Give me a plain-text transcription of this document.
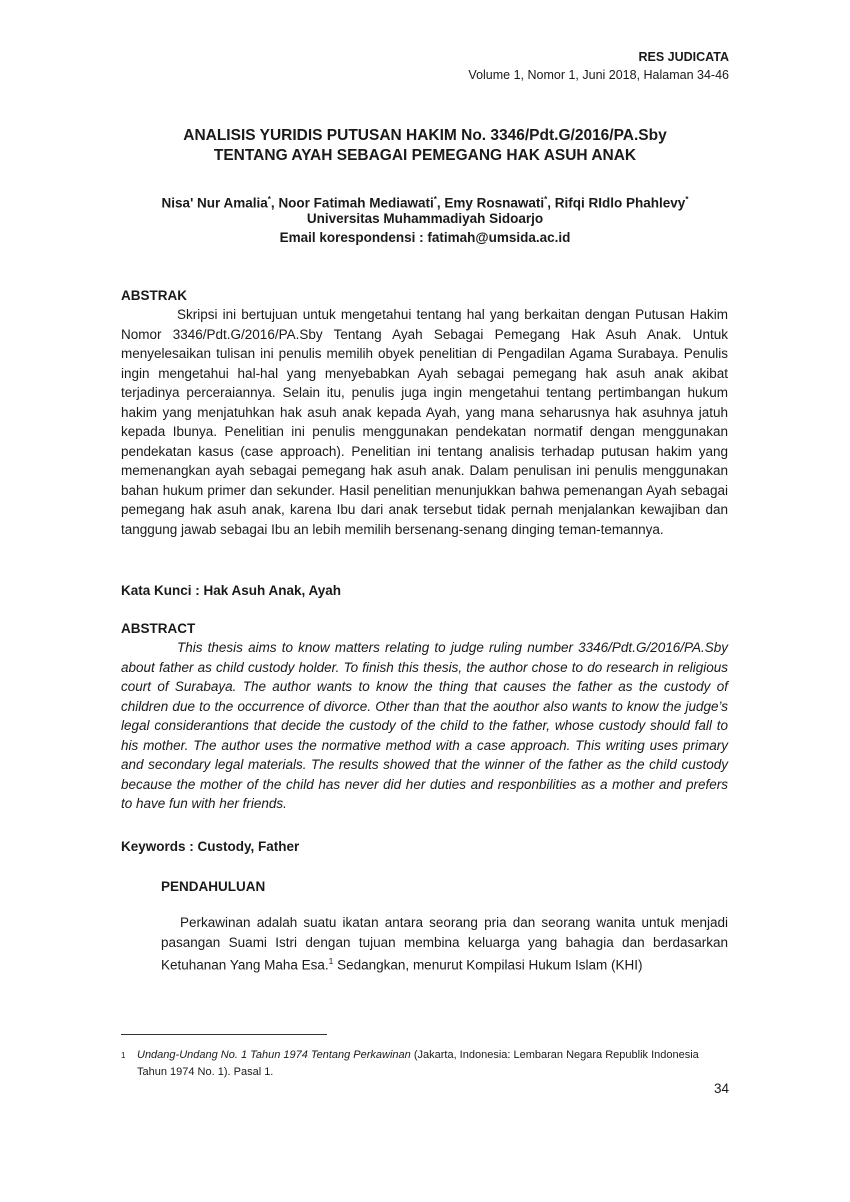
RES JUDICATA
Volume 1, Nomor 1, Juni 2018, Halaman 34-46
ANALISIS YURIDIS PUTUSAN HAKIM No. 3346/Pdt.G/2016/PA.Sby
TENTANG AYAH SEBAGAI PEMEGANG HAK ASUH ANAK
Nisa' Nur Amalia*, Noor Fatimah Mediawati*, Emy Rosnawati*, Rifqi RIdlo Phahlevy*
Universitas Muhammadiyah Sidoarjo
Email korespondensi : fatimah@umsida.ac.id
ABSTRAK
Skripsi ini bertujuan untuk mengetahui tentang hal yang berkaitan dengan Putusan Hakim Nomor 3346/Pdt.G/2016/PA.Sby Tentang Ayah Sebagai Pemegang Hak Asuh Anak. Untuk menyelesaikan tulisan ini penulis memilih obyek penelitian di Pengadilan Agama Surabaya. Penulis ingin mengetahui hal-hal yang menyebabkan Ayah sebagai pemegang hak asuh anak akibat terjadinya perceraiannya. Selain itu, penulis juga ingin mengetahui tentang pertimbangan hukum hakim yang menjatuhkan hak asuh anak kepada Ayah, yang mana seharusnya hak asuhnya jatuh kepada Ibunya. Penelitian ini penulis menggunakan pendekatan normatif dengan menggunakan pendekatan kasus (case approach). Penelitian ini tentang analisis terhadap putusan hakim yang memenangkan ayah sebagai pemegang hak asuh anak. Dalam penulisan ini penulis menggunakan bahan hukum primer dan sekunder. Hasil penelitian menunjukkan bahwa pemenangan Ayah sebagai pemegang hak asuh anak, karena Ibu dari anak tersebut tidak pernah menjalankan kewajiban dan tanggung jawab sebagai Ibu an lebih memilih bersenang-senang dinging teman-temannya.
Kata Kunci : Hak Asuh Anak, Ayah
ABSTRACT
This thesis aims to know matters relating to judge ruling number 3346/Pdt.G/2016/PA.Sby about father as child custody holder. To finish this thesis, the author chose to do research in religious court of Surabaya. The author wants to know the thing that causes the father as the custody of children due to the occurrence of divorce. Other than that the aouthor also wants to know the judge’s legal considerantions that decide the custody of the child to the father, whose custody should fall to his mother. The author uses the normative method with a case approach. This writing uses primary and secondary legal materials. The results showed that the winner of the father as the child custody because the mother of the child has never did her duties and responbilities as a mother and prefers to have fun with her friends.
Keywords : Custody, Father
PENDAHULUAN
Perkawinan adalah suatu ikatan antara seorang pria dan seorang wanita untuk menjadi pasangan Suami Istri dengan tujuan membina keluarga yang bahagia dan berdasarkan Ketuhanan Yang Maha Esa.$^1$ Sedangkan, menurut Kompilasi Hukum Islam (KHI)
1	Undang-Undang No. 1 Tahun 1974 Tentang Perkawinan (Jakarta, Indonesia: Lembaran Negara Republik Indonesia Tahun 1974 No. 1). Pasal 1.
34
